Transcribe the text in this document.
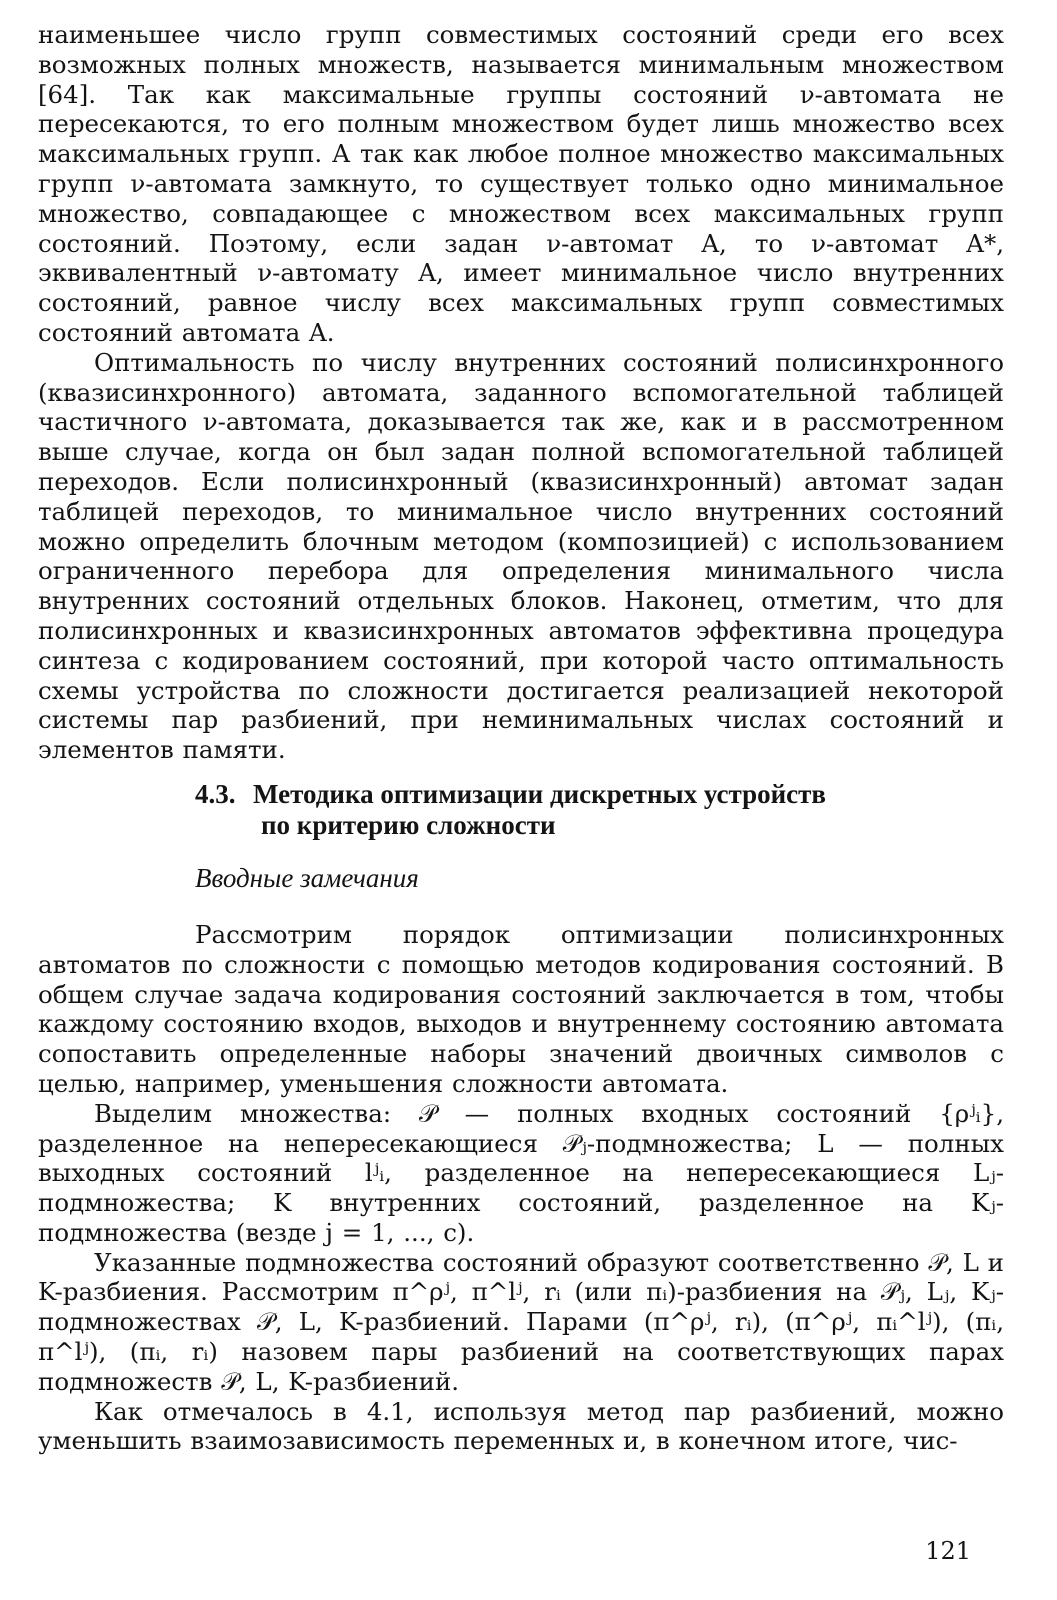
наименьшее число групп совместимых состояний среди его всех возможных полных множеств, называется минимальным множеством [64]. Так как максимальные группы состояний ν-автомата не пересекаются, то его полным множеством будет лишь множество всех максимальных групп. А так как любое полное множество максимальных групп ν-автомата замкнуто, то существует только одно минимальное множество, совпадающее с множеством всех максимальных групп состояний. Поэтому, если задан ν-автомат A, то ν-автомат A*, эквивалентный ν-автомату A, имеет минимальное число внутренних состояний, равное числу всех максимальных групп совместимых состояний автомата A.

Оптимальность по числу внутренних состояний полисинхронного (квазисинхронного) автомата, заданного вспомогательной таблицей частичного ν-автомата, доказывается так же, как и в рассмотренном выше случае, когда он был задан полной вспомогательной таблицей переходов. Если полисинхронный (квазисинхронный) автомат задан таблицей переходов, то минимальное число внутренних состояний можно определить блочным методом (композицией) с использованием ограниченного перебора для определения минимального числа внутренних состояний отдельных блоков. Наконец, отметим, что для полисинхронных и квазисинхронных автоматов эффективна процедура синтеза с кодированием состояний, при которой часто оптимальность схемы устройства по сложности достигается реализацией некоторой системы пар разбиений, при неминимальных числах состояний и элементов памяти.

4.3. Методика оптимизации дискретных устройств
по критерию сложности
Вводные замечания

Рассмотрим порядок оптимизации полисинхронных автоматов по сложности с помощью методов кодирования состояний. В общем случае задача кодирования состояний заключается в том, чтобы каждому состоянию входов, выходов и внутреннему состоянию автомата сопоставить определенные наборы значений двоичных символов с целью, например, уменьшения сложности автомата.

Выделим множества: 𝒫 — полных входных состояний {ρʲᵢ}, разделенное на непересекающиеся 𝒫ⱼ-подмножества; L — полных выходных состояний lʲᵢ, разделенное на непересекающиеся Lⱼ-подмножества; K внутренних состояний, разделенное на Kⱼ-подмножества (везде j = 1, ..., c).

Указанные подмножества состояний образуют соответственно 𝒫, L и K-разбиения. Рассмотрим π^ρʲ, π^lʲ, rᵢ (или πᵢ)-разбиения на 𝒫ⱼ, Lⱼ, Kⱼ-подмножествах 𝒫, L, K-разбиений. Парами (π^ρʲ, rᵢ), (π^ρʲ, πᵢ^lʲ), (πᵢ, π^lʲ), (πᵢ, rᵢ) назовем пары разбиений на соответствующих парах подмножеств 𝒫, L, K-разбиений.

Как отмечалось в 4.1, используя метод пар разбиений, можно уменьшить взаимозависимость переменных и, в конечном итоге, чис-

121
